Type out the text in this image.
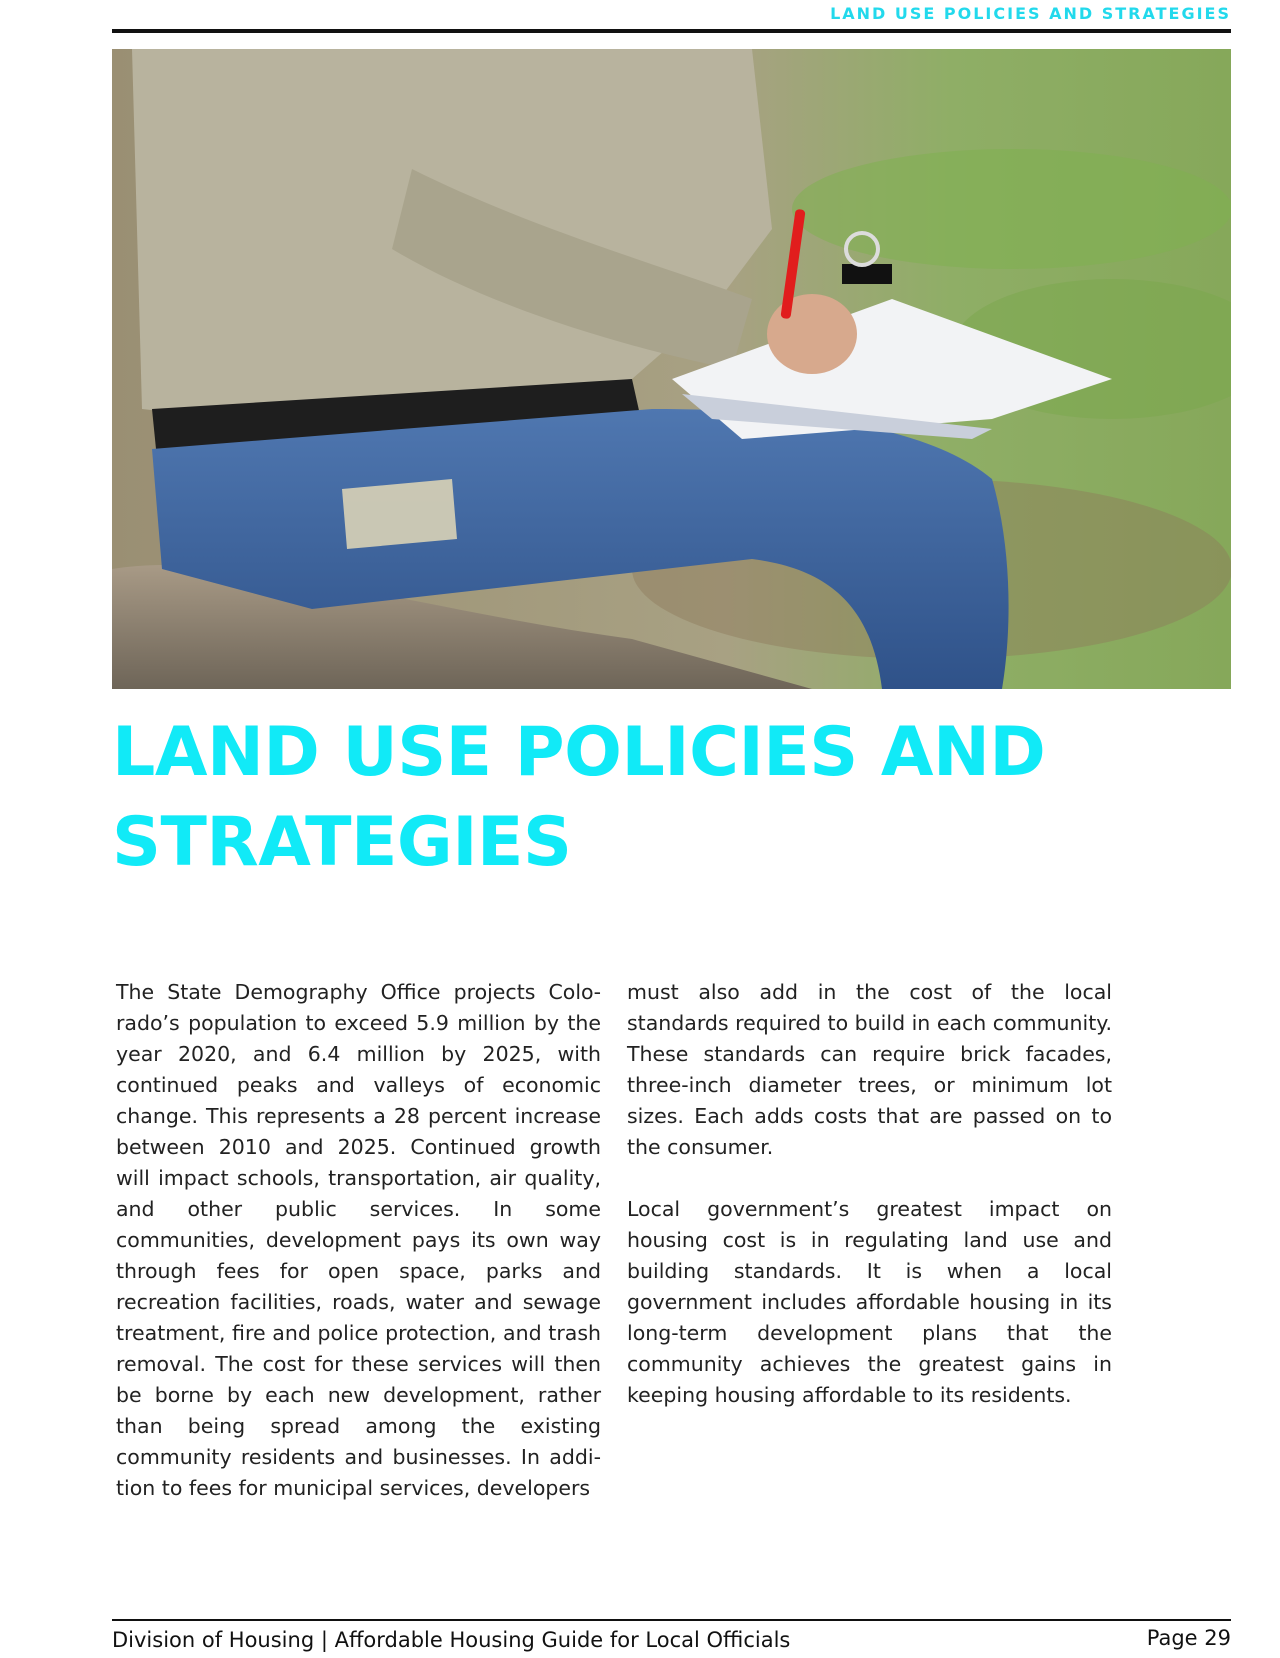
LAND USE POLICIES AND STRATEGIES
LAND USE POLICIES AND
STRATEGIES

The State Demography Office projects Colorado’s population to exceed 5.9 million by the year 2020, and 6.4 million by 2025, with continued peaks and valleys of economic change. This represents a 28 percent increase between 2010 and 2025. Continued growth will impact schools, transportation, air quality, and other public services. In some communities, development pays its own way through fees for open space, parks and recreation facilities, roads, water and sewage treatment, fire and police protection, and trash removal. The cost for these services will then be borne by each new development, rather than being spread among the existing community residents and businesses. In addition to fees for municipal services, developers

must also add in the cost of the local standards required to build in each community. These standards can require brick facades, three-inch diameter trees, or minimum lot sizes. Each adds costs that are passed on to the consumer.

Local government’s greatest impact on housing cost is in regulating land use and building standards. It is when a local government includes affordable housing in its long-term development plans that the community achieves the greatest gains in keeping housing affordable to its residents.

Division of Housing | Affordable Housing Guide for Local Officials	Page 29
